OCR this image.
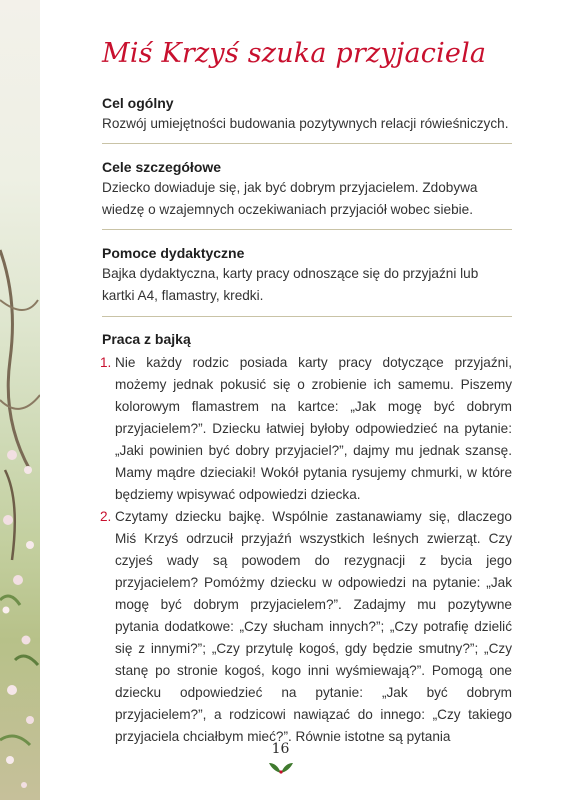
Miś Krzyś szuka przyjaciela
Cel ogólny
Rozwój umiejętności budowania pozytywnych relacji rówieśniczych.
Cele szczegółowe
Dziecko dowiaduje się, jak być dobrym przyjacielem. Zdobywa wiedzę o wzajemnych oczekiwaniach przyjaciół wobec siebie.
Pomoce dydaktyczne
Bajka dydaktyczna, karty pracy odnoszące się do przyjaźni lub kartki A4, flamastry, kredki.
Praca z bajką
1. Nie każdy rodzic posiada karty pracy dotyczące przyjaźni, możemy jednak pokusić się o zrobienie ich samemu. Piszemy kolorowym flamastrem na kartce: „Jak mogę być dobrym przyjacielem?”. Dziecku łatwiej byłoby odpowiedzieć na pytanie: „Jaki powinien być dobry przyjaciel?”, dajmy mu jednak szansę. Mamy mądre dzieciaki! Wokół pytania rysujemy chmurki, w które będziemy wpisywać odpowiedzi dziecka.
2. Czytamy dziecku bajkę. Wspólnie zastanawiamy się, dlaczego Miś Krzyś odrzucił przyjaźń wszystkich leśnych zwierząt. Czy czyjeś wady są powodem do rezygnacji z bycia jego przyjacielem? Pomóżmy dziecku w odpowiedzi na pytanie: „Jak mogę być dobrym przyjacielem?”. Zadajmy mu pozytywne pytania dodatkowe: „Czy słucham innych?”; „Czy potrafię dzielić się z innymi?”; „Czy przytulę kogoś, gdy będzie smutny?”; „Czy stanę po stronie kogoś, kogo inni wyśmiewają?”. Pomogą one dziecku odpowiedzieć na pytanie: „Jak być dobrym przyjacielem?”, a rodzicowi nawiązać do innego: „Czy takiego przyjaciela chciałbym mieć?”. Równie istotne są pytania
16
